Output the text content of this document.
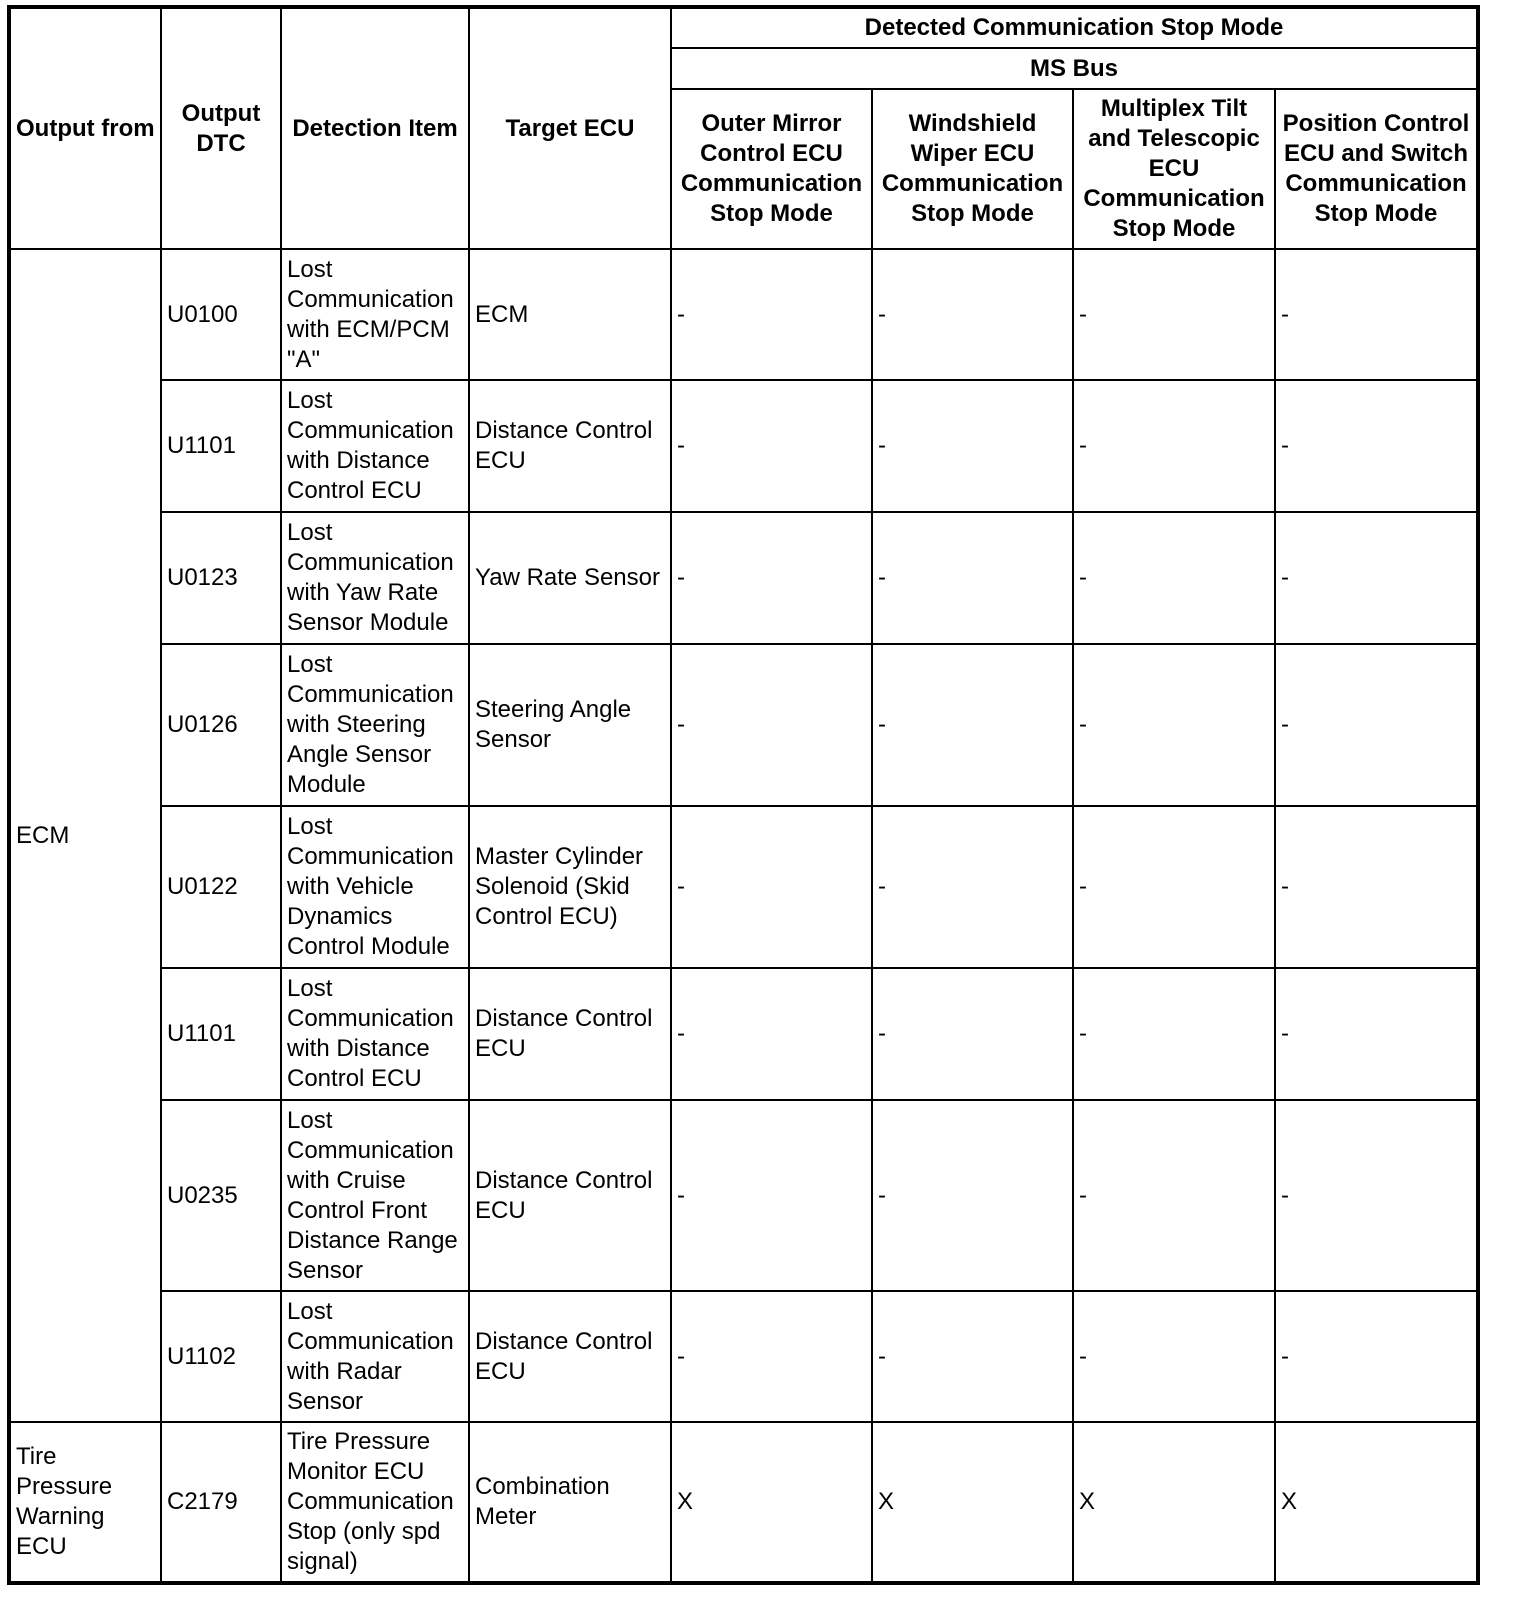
Output from	Output DTC	Detection Item	Target ECU	Detected Communication Stop Mode			
				MS Bus			
				Outer Mirror Control ECU Communication Stop Mode	Windshield Wiper ECU Communication Stop Mode	Multiplex Tilt and Telescopic ECU Communication Stop Mode	Position Control ECU and Switch Communication Stop Mode
ECM	U0100	Lost Communication with ECM/PCM "A"	ECM	-	-	-	-
	U1101	Lost Communication with Distance Control ECU	Distance Control ECU	-	-	-	-
	U0123	Lost Communication with Yaw Rate Sensor Module	Yaw Rate Sensor	-	-	-	-
	U0126	Lost Communication with Steering Angle Sensor Module	Steering Angle Sensor	-	-	-	-
	U0122	Lost Communication with Vehicle Dynamics Control Module	Master Cylinder Solenoid (Skid Control ECU)	-	-	-	-
	U1101	Lost Communication with Distance Control ECU	Distance Control ECU	-	-	-	-
	U0235	Lost Communication with Cruise Control Front Distance Range Sensor	Distance Control ECU	-	-	-	-
	U1102	Lost Communication with Radar Sensor	Distance Control ECU	-	-	-	-
Tire Pressure Warning ECU	C2179	Tire Pressure Monitor ECU Communication Stop (only spd signal)	Combination Meter	X	X	X	X
